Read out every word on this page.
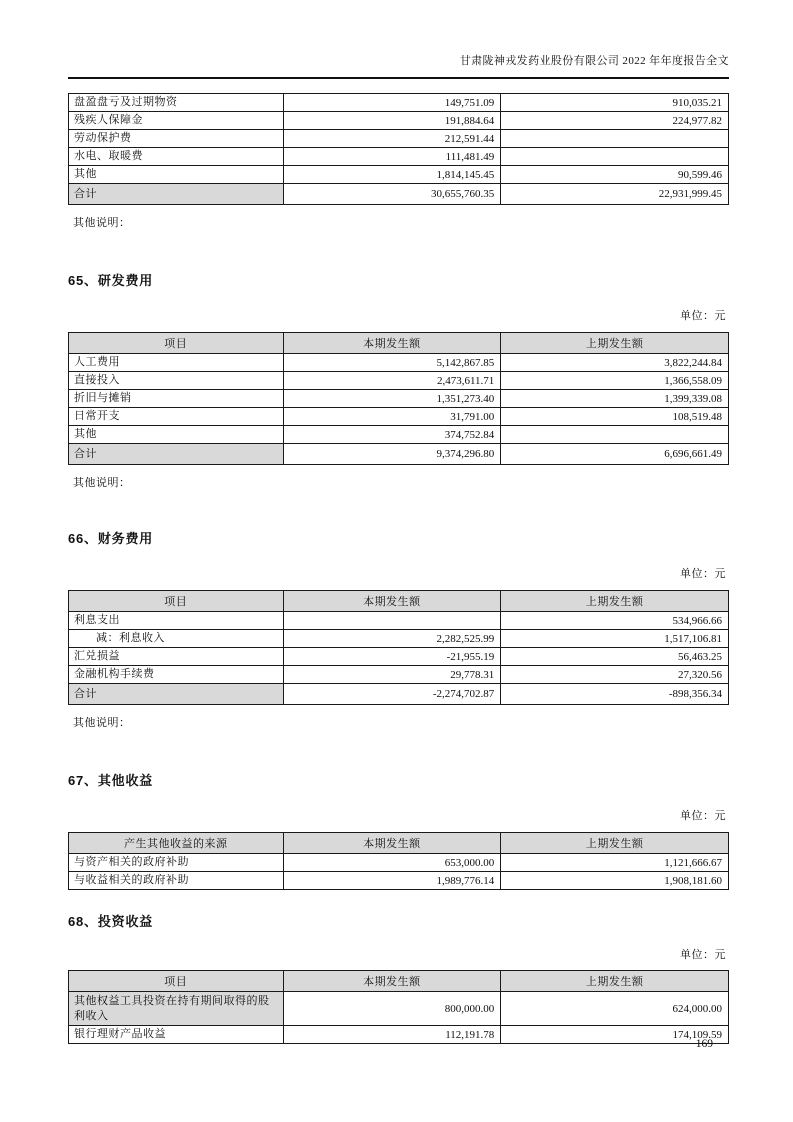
甘肃陇神戎发药业股份有限公司 2022 年年度报告全文
盘盈盘亏及过期物资	149,751.09	910,035.21
残疾人保障金	191,884.64	224,977.82
劳动保护费	212,591.44	
水电、取暖费	111,481.49	
其他	1,814,145.45	90,599.46
合计	30,655,760.35	22,931,999.45
其他说明：
65、研发费用
单位：元
项目	本期发生额	上期发生额
人工费用	5,142,867.85	3,822,244.84
直接投入	2,473,611.71	1,366,558.09
折旧与摊销	1,351,273.40	1,399,339.08
日常开支	31,791.00	108,519.48
其他	374,752.84	
合计	9,374,296.80	6,696,661.49
其他说明：
66、财务费用
单位：元
项目	本期发生额	上期发生额
利息支出		534,966.66
减：利息收入	2,282,525.99	1,517,106.81
汇兑损益	-21,955.19	56,463.25
金融机构手续费	29,778.31	27,320.56
合计	-2,274,702.87	-898,356.34
其他说明：
67、其他收益
单位：元
产生其他收益的来源	本期发生额	上期发生额
与资产相关的政府补助	653,000.00	1,121,666.67
与收益相关的政府补助	1,989,776.14	1,908,181.60
68、投资收益
单位：元
项目	本期发生额	上期发生额
其他权益工具投资在持有期间取得的股利收入	800,000.00	624,000.00
银行理财产品收益	112,191.78	174,109.59
169
